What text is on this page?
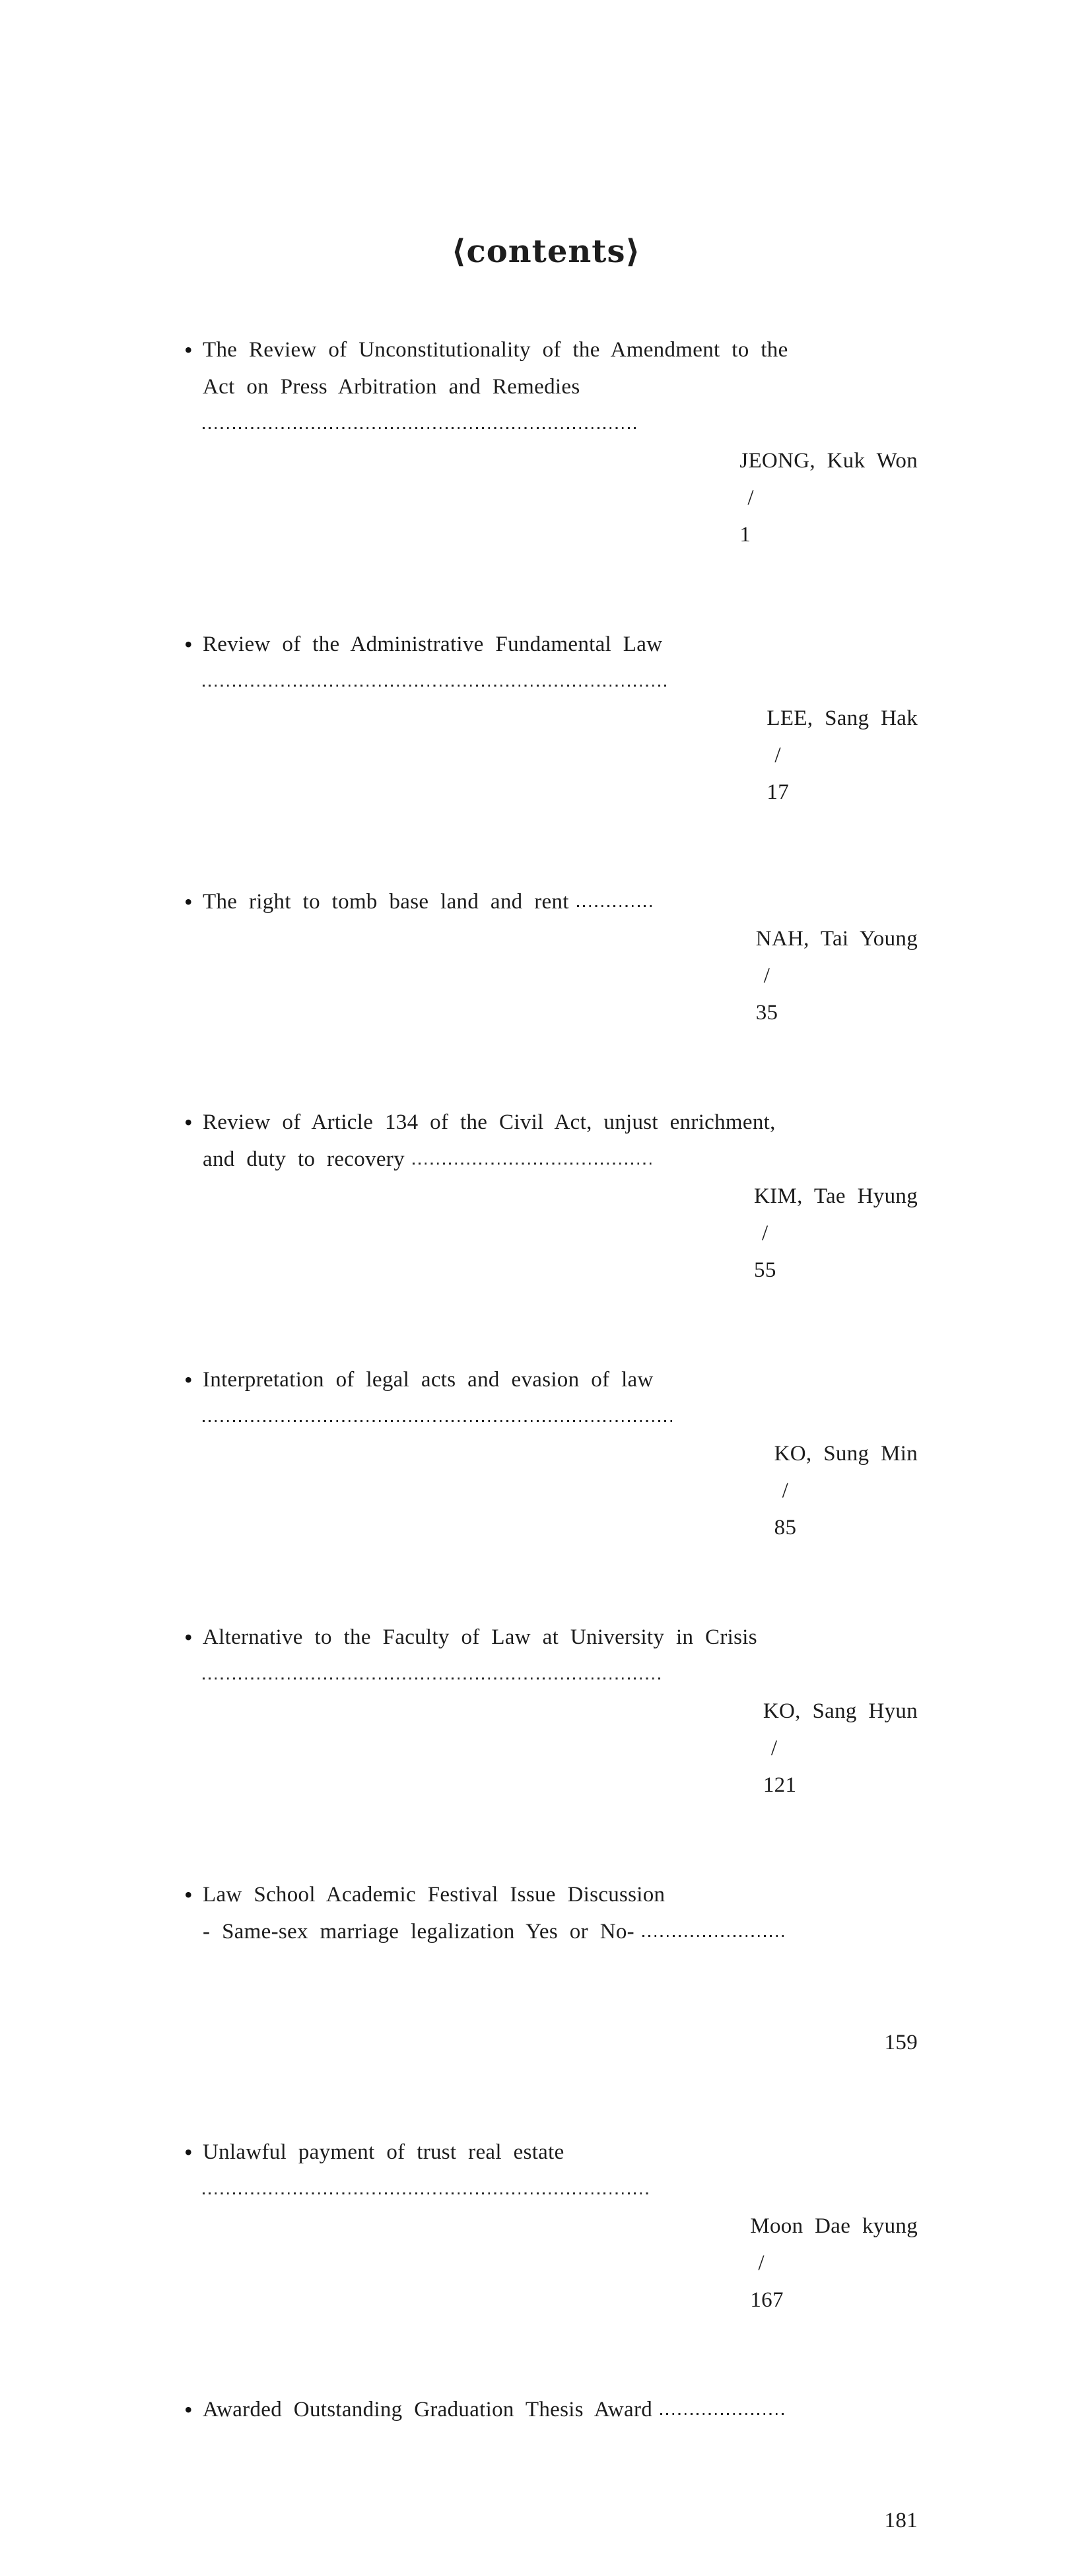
⟨contents⟩
• The Review of Unconstitutionality of the Amendment to the
Act on Press Arbitration and Remedies

JEONG, Kuk Won
/
1

• Review of the Administrative Fundamental Law

LEE, Sang Hak
/
17

• The right to tomb base land and rent

NAH, Tai Young
/
35

• Review of Article 134 of the Civil Act, unjust enrichment,
and duty to recovery

KIM, Tae Hyung
/
55

• Interpretation of legal acts and evasion of law

KO, Sung Min
/
85

• Alternative to the Faculty of Law at University in Crisis

KO, Sang Hyun
/
121

• Law School Academic Festival Issue Discussion
- Same-sex marriage legalization Yes or No-

159

• Unlawful payment of trust real estate

Moon Dae kyung
/
167

• Awarded Outstanding Graduation Thesis Award

181
